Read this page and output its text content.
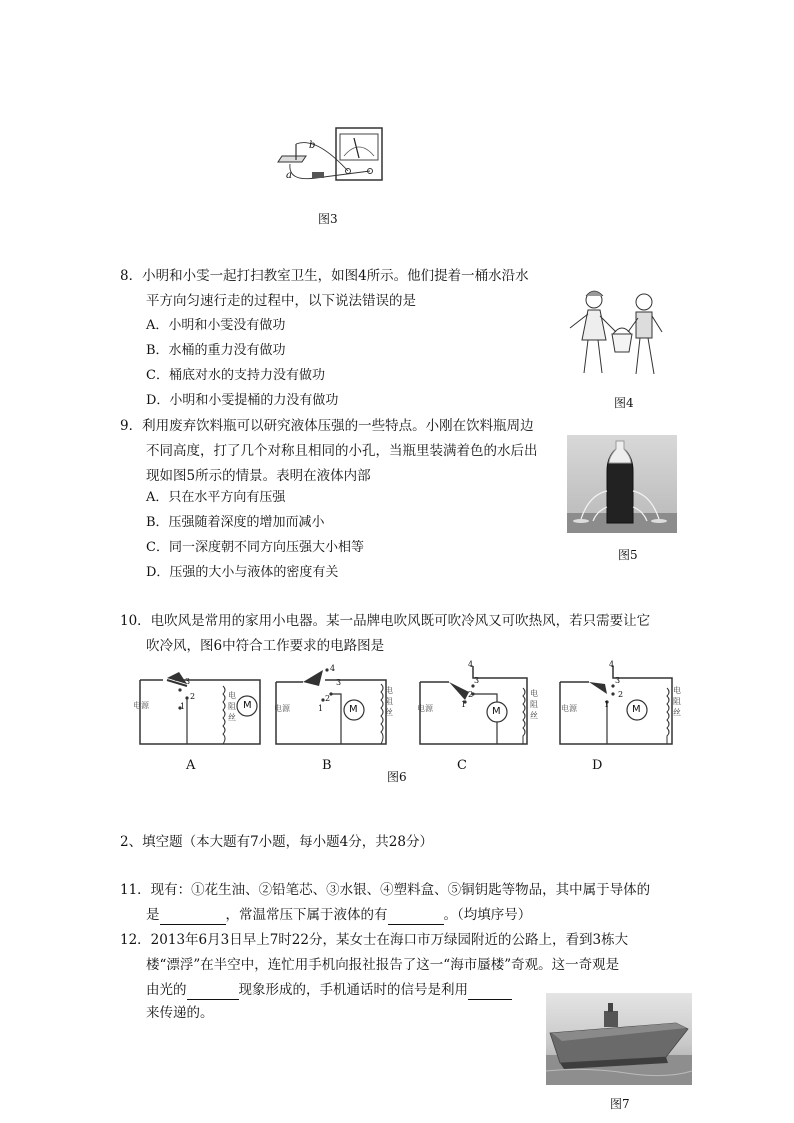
b
a
图3
8．小明和小雯一起打扫教室卫生，如图4所示。他们提着一桶水沿水
平方向匀速行走的过程中，以下说法错误的是
A．小明和小雯没有做功
B．水桶的重力没有做功
C．桶底对水的支持力没有做功
D．小明和小雯提桶的力没有做功	图4
9．利用废弃饮料瓶可以研究液体压强的一些特点。小刚在饮料瓶周边
不同高度，打了几个对称且相同的小孔，当瓶里装满着色的水后出
现如图5所示的情景。表明在液体内部
A．只在水平方向有压强
B．压强随着深度的增加而减小
C．同一深度朝不同方向压强大小相等
D．压强的大小与液体的密度有关
图5
10．电吹风是常用的家用小电器。某一品牌电吹风既可吹冷风又可吹热风，若只需要让它
吹冷风，图6中符合工作要求的电路图是
电源	电源	电源	电源
M	M	M	M
电
阻
丝
电
阻
丝
电
阻
丝
电
阻
丝
3
2
1
4
3
2
1
4
3
2
1
4
3
2
1
A	B	C	D
图6
2、填空题（本大题有7小题，每小题4分，共28分）
11．现有：①花生油、②铅笔芯、③水银、④塑料盒、⑤铜钥匙等物品，其中属于导体的
是	，常温常压下属于液体的有	。（均填序号）
12．2013年6月3日早上7时22分，某女士在海口市万绿园附近的公路上，看到3栋大
楼“漂浮”在半空中，连忙用手机向报社报告了这一“海市蜃楼”奇观。这一奇观是
由光的	现象形成的，手机通话时的信号是利用
来传递的。
图7
